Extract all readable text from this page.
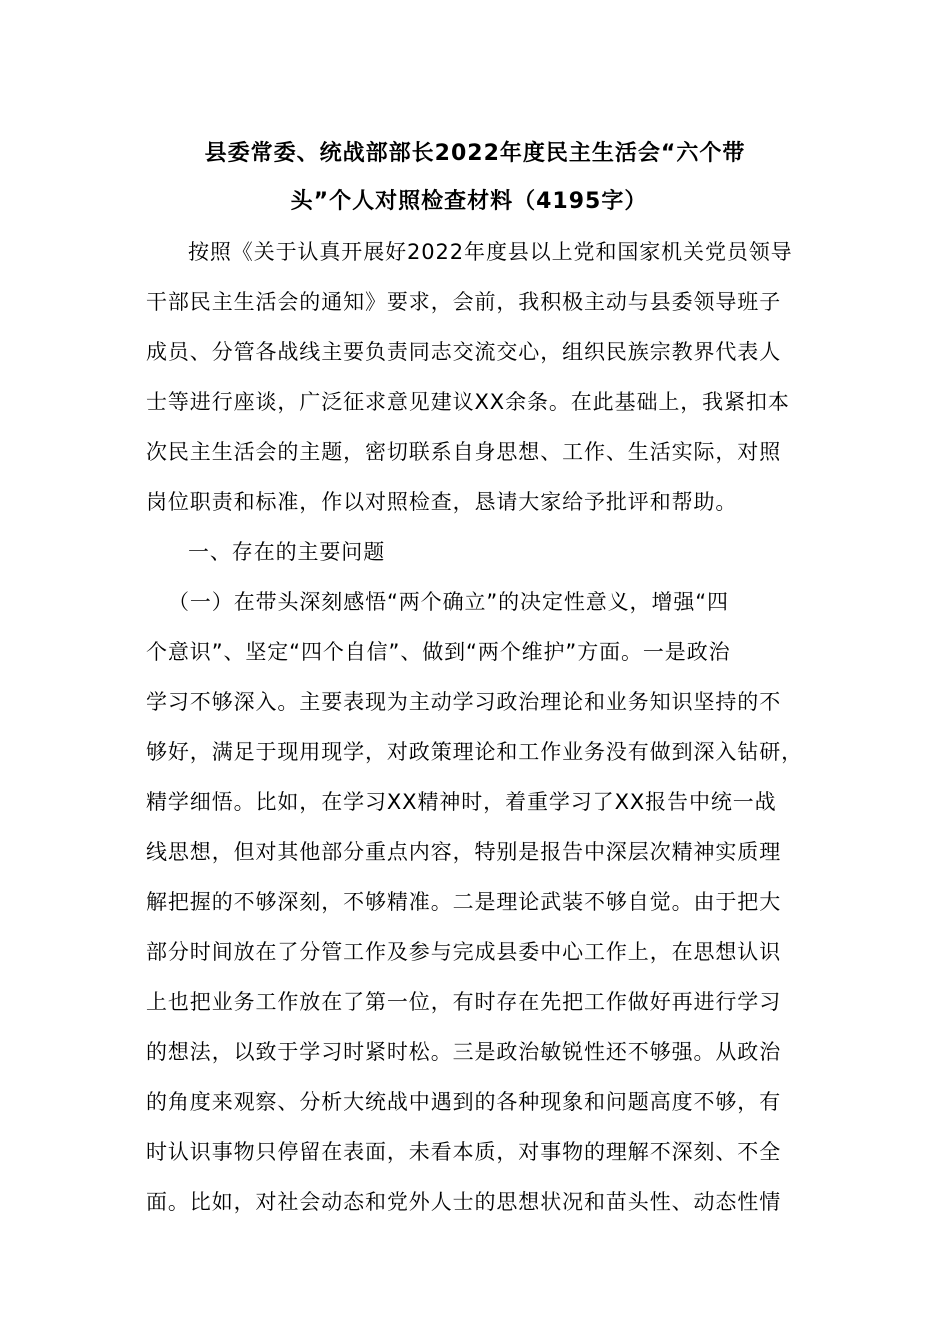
县委常委、统战部部长2022年度民主生活会“六个带
头”个人对照检查材料（4195字）
按照《关于认真开展好2022年度县以上党和国家机关党员领导
干部民主生活会的通知》要求，会前，我积极主动与县委领导班子
成员、分管各战线主要负责同志交流交心，组织民族宗教界代表人
士等进行座谈，广泛征求意见建议XX余条。在此基础上，我紧扣本
次民主生活会的主题，密切联系自身思想、工作、生活实际，对照
岗位职责和标准，作以对照检查，恳请大家给予批评和帮助。
一、存在的主要问题
（一）在带头深刻感悟“两个确立”的决定性意义，增强“四
个意识”、坚定“四个自信”、做到“两个维护”方面。一是政治
学习不够深入。主要表现为主动学习政治理论和业务知识坚持的不
够好，满足于现用现学，对政策理论和工作业务没有做到深入钻研，
精学细悟。比如，在学习XX精神时，着重学习了XX报告中统一战
线思想，但对其他部分重点内容，特别是报告中深层次精神实质理
解把握的不够深刻，不够精准。二是理论武装不够自觉。由于把大
部分时间放在了分管工作及参与完成县委中心工作上，在思想认识
上也把业务工作放在了第一位，有时存在先把工作做好再进行学习
的想法，以致于学习时紧时松。三是政治敏锐性还不够强。从政治
的角度来观察、分析大统战中遇到的各种现象和问题高度不够，有
时认识事物只停留在表面，未看本质，对事物的理解不深刻、不全
面。比如，对社会动态和党外人士的思想状况和苗头性、动态性情
